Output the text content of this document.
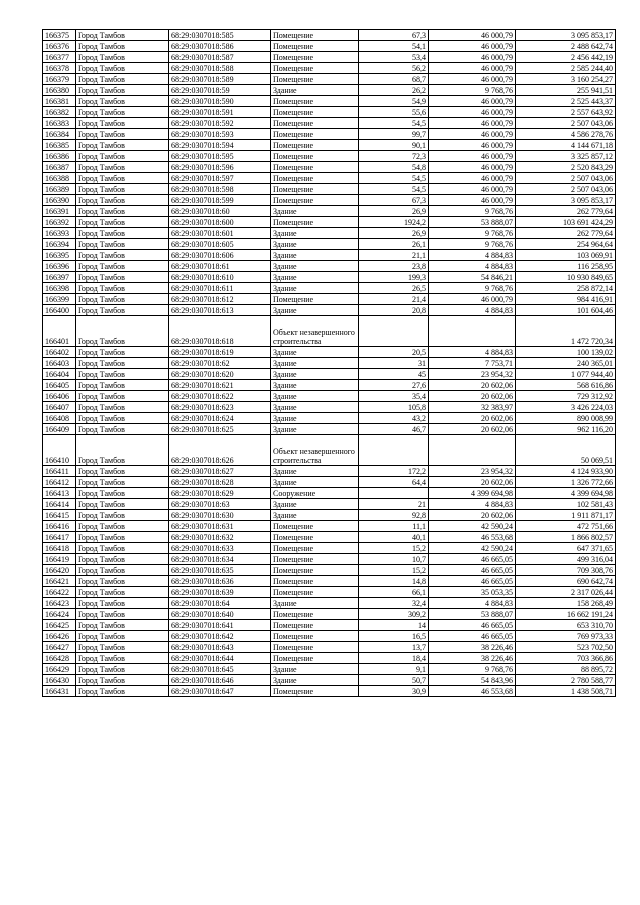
166375	Город Тамбов	68:29:0307018:585	Помещение	67,3	46 000,79	3 095 853,17
166376	Город Тамбов	68:29:0307018:586	Помещение	54,1	46 000,79	2 488 642,74
166377	Город Тамбов	68:29:0307018:587	Помещение	53,4	46 000,79	2 456 442,19
166378	Город Тамбов	68:29:0307018:588	Помещение	56,2	46 000,79	2 585 244,40
166379	Город Тамбов	68:29:0307018:589	Помещение	68,7	46 000,79	3 160 254,27
166380	Город Тамбов	68:29:0307018:59	Здание	26,2	9 768,76	255 941,51
166381	Город Тамбов	68:29:0307018:590	Помещение	54,9	46 000,79	2 525 443,37
166382	Город Тамбов	68:29:0307018:591	Помещение	55,6	46 000,79	2 557 643,92
166383	Город Тамбов	68:29:0307018:592	Помещение	54,5	46 000,79	2 507 043,06
166384	Город Тамбов	68:29:0307018:593	Помещение	99,7	46 000,79	4 586 278,76
166385	Город Тамбов	68:29:0307018:594	Помещение	90,1	46 000,79	4 144 671,18
166386	Город Тамбов	68:29:0307018:595	Помещение	72,3	46 000,79	3 325 857,12
166387	Город Тамбов	68:29:0307018:596	Помещение	54,8	46 000,79	2 520 843,29
166388	Город Тамбов	68:29:0307018:597	Помещение	54,5	46 000,79	2 507 043,06
166389	Город Тамбов	68:29:0307018:598	Помещение	54,5	46 000,79	2 507 043,06
166390	Город Тамбов	68:29:0307018:599	Помещение	67,3	46 000,79	3 095 853,17
166391	Город Тамбов	68:29:0307018:60	Здание	26,9	9 768,76	262 779,64
166392	Город Тамбов	68:29:0307018:600	Помещение	1924,2	53 888,07	103 691 424,29
166393	Город Тамбов	68:29:0307018:601	Здание	26,9	9 768,76	262 779,64
166394	Город Тамбов	68:29:0307018:605	Здание	26,1	9 768,76	254 964,64
166395	Город Тамбов	68:29:0307018:606	Здание	21,1	4 884,83	103 069,91
166396	Город Тамбов	68:29:0307018:61	Здание	23,8	4 884,83	116 258,95
166397	Город Тамбов	68:29:0307018:610	Здание	199,3	54 846,21	10 930 849,65
166398	Город Тамбов	68:29:0307018:611	Здание	26,5	9 768,76	258 872,14
166399	Город Тамбов	68:29:0307018:612	Помещение	21,4	46 000,79	984 416,91
166400	Город Тамбов	68:29:0307018:613	Здание	20,8	4 884,83	101 604,46
166401	Город Тамбов	68:29:0307018:618	Объект незавершенного строительства			1 472 720,34
166402	Город Тамбов	68:29:0307018:619	Здание	20,5	4 884,83	100 139,02
166403	Город Тамбов	68:29:0307018:62	Здание	31	7 753,71	240 365,01
166404	Город Тамбов	68:29:0307018:620	Здание	45	23 954,32	1 077 944,40
166405	Город Тамбов	68:29:0307018:621	Здание	27,6	20 602,06	568 616,86
166406	Город Тамбов	68:29:0307018:622	Здание	35,4	20 602,06	729 312,92
166407	Город Тамбов	68:29:0307018:623	Здание	105,8	32 383,97	3 426 224,03
166408	Город Тамбов	68:29:0307018:624	Здание	43,2	20 602,06	890 008,99
166409	Город Тамбов	68:29:0307018:625	Здание	46,7	20 602,06	962 116,20
166410	Город Тамбов	68:29:0307018:626	Объект незавершенного строительства			50 069,51
166411	Город Тамбов	68:29:0307018:627	Здание	172,2	23 954,32	4 124 933,90
166412	Город Тамбов	68:29:0307018:628	Здание	64,4	20 602,06	1 326 772,66
166413	Город Тамбов	68:29:0307018:629	Сооружение		4 399 694,98	4 399 694,98
166414	Город Тамбов	68:29:0307018:63	Здание	21	4 884,83	102 581,43
166415	Город Тамбов	68:29:0307018:630	Здание	92,8	20 602,06	1 911 871,17
166416	Город Тамбов	68:29:0307018:631	Помещение	11,1	42 590,24	472 751,66
166417	Город Тамбов	68:29:0307018:632	Помещение	40,1	46 553,68	1 866 802,57
166418	Город Тамбов	68:29:0307018:633	Помещение	15,2	42 590,24	647 371,65
166419	Город Тамбов	68:29:0307018:634	Помещение	10,7	46 665,05	499 316,04
166420	Город Тамбов	68:29:0307018:635	Помещение	15,2	46 665,05	709 308,76
166421	Город Тамбов	68:29:0307018:636	Помещение	14,8	46 665,05	690 642,74
166422	Город Тамбов	68:29:0307018:639	Помещение	66,1	35 053,35	2 317 026,44
166423	Город Тамбов	68:29:0307018:64	Здание	32,4	4 884,83	158 268,49
166424	Город Тамбов	68:29:0307018:640	Помещение	309,2	53 888,07	16 662 191,24
166425	Город Тамбов	68:29:0307018:641	Помещение	14	46 665,05	653 310,70
166426	Город Тамбов	68:29:0307018:642	Помещение	16,5	46 665,05	769 973,33
166427	Город Тамбов	68:29:0307018:643	Помещение	13,7	38 226,46	523 702,50
166428	Город Тамбов	68:29:0307018:644	Помещение	18,4	38 226,46	703 366,86
166429	Город Тамбов	68:29:0307018:645	Здание	9,1	9 768,76	88 895,72
166430	Город Тамбов	68:29:0307018:646	Здание	50,7	54 843,96	2 780 588,77
166431	Город Тамбов	68:29:0307018:647	Помещение	30,9	46 553,68	1 438 508,71
